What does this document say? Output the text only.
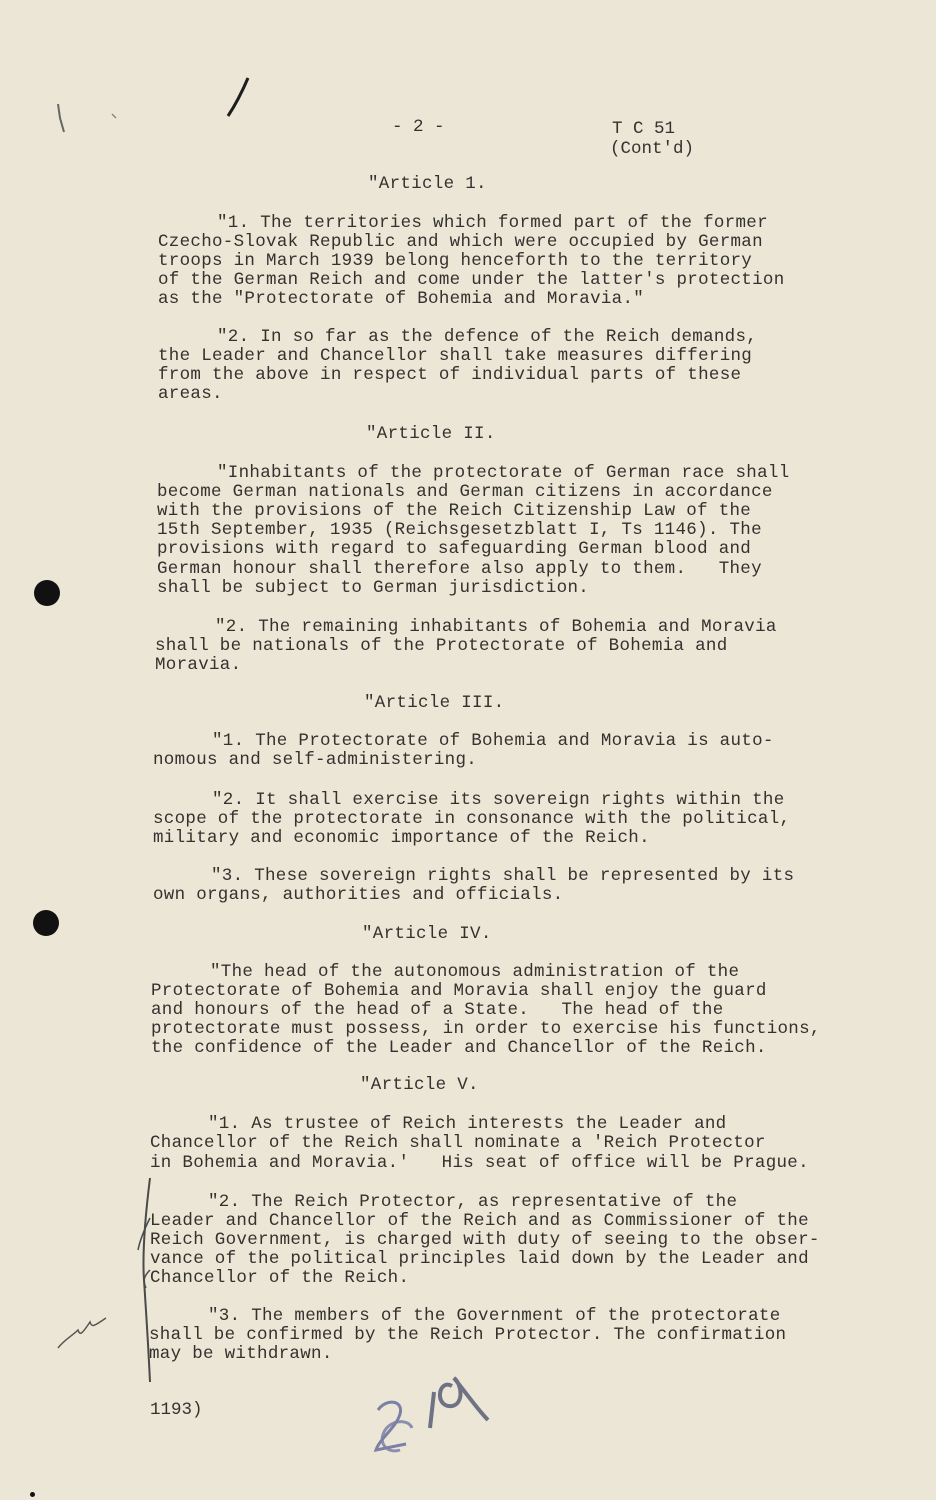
- 2 -	T C 51
(Cont'd)
"Article 1.
"1. The territories which formed part of the former
Czecho-Slovak Republic and which were occupied by German
troops in March 1939 belong henceforth to the territory
of the German Reich and come under the latter's protection
as the "Protectorate of Bohemia and Moravia."
"2. In so far as the defence of the Reich demands,
the Leader and Chancellor shall take measures differing
from the above in respect of individual parts of these
areas.
"Article II.
"Inhabitants of the protectorate of German race shall
become German nationals and German citizens in accordance
with the provisions of the Reich Citizenship Law of the
15th September, 1935 (Reichsgesetzblatt I, Ts 1146). The
provisions with regard to safeguarding German blood and
German honour shall therefore also apply to them.   They
shall be subject to German jurisdiction.
"2. The remaining inhabitants of Bohemia and Moravia
shall be nationals of the Protectorate of Bohemia and
Moravia.
"Article III.
"1. The Protectorate of Bohemia and Moravia is auto-
nomous and self-administering.
"2. It shall exercise its sovereign rights within the
scope of the protectorate in consonance with the political,
military and economic importance of the Reich.
"3. These sovereign rights shall be represented by its
own organs, authorities and officials.
"Article IV.
"The head of the autonomous administration of the
Protectorate of Bohemia and Moravia shall enjoy the guard
and honours of the head of a State.   The head of the
protectorate must possess, in order to exercise his functions,
the confidence of the Leader and Chancellor of the Reich.
"Article V.
"1. As trustee of Reich interests the Leader and
Chancellor of the Reich shall nominate a 'Reich Protector
in Bohemia and Moravia.'   His seat of office will be Prague.
"2. The Reich Protector, as representative of the
Leader and Chancellor of the Reich and as Commissioner of the
Reich Government, is charged with duty of seeing to the obser-
vance of the political principles laid down by the Leader and
Chancellor of the Reich.
"3. The members of the Government of the protectorate
shall be confirmed by the Reich Protector. The confirmation
may be withdrawn.
1193)
